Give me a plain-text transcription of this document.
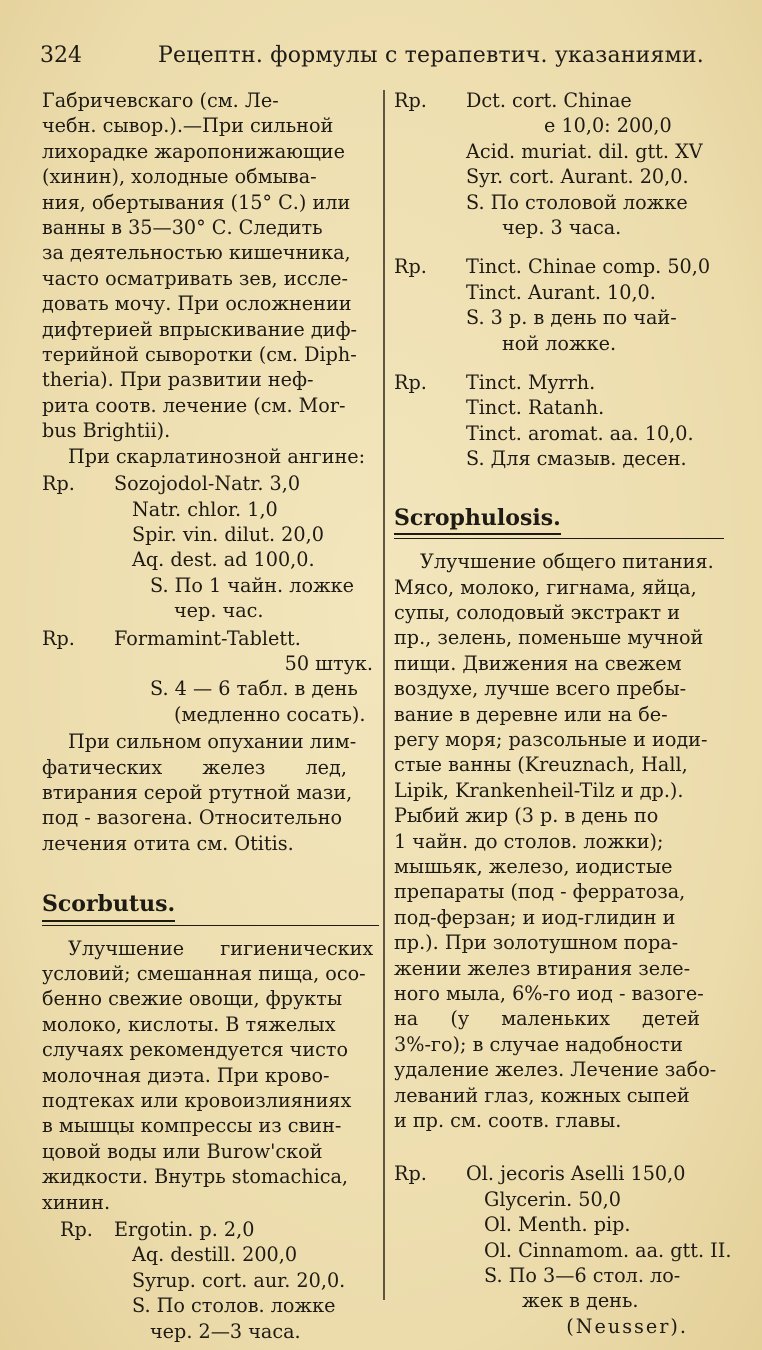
324	Рецептн. формулы с терапевтич. указаниями.
Габричевскаго (см. Ле-
чебн. сывор.).—При сильной
лихорадке жаропонижающие
(хинин), холодные обмыва-
ния, обертывания (15° С.) или
ванны в 35—30° С. Следить
за деятельностью кишечника,
часто осматривать зев, иссле-
довать мочу. При осложнении
дифтерией впрыскивание диф-
терийной сыворотки (см. Diph-
theria). При развитии неф-
рита соотв. лечение (см. Mor-
bus Brightii).
При скарлатинозной ангине:
Rp. Sozojodol-Natr. 3,0
Natr. chlor. 1,0
Spir. vin. dilut. 20,0
Aq. dest. ad 100,0.
S. По 1 чайн. ложке
чер. час.
Rp. Formamint-Tablett.
50 штук.
S. 4 — 6 табл. в день
(медленно сосать).
При сильном опухании лим-
фатических желез лед,
втирания серой ртутной мази,
под - вазогена. Относительно
лечения отита см. Otitis.
Scorbutus.
Улучшение гигиенических
условий; смешанная пища, осо-
бенно свежие овощи, фрукты
молоко, кислоты. В тяжелых
случаях рекомендуется чисто
молочная диэта. При крово-
подтеках или кровоизлияниях
в мышцы компрессы из свин-
цовой воды или Burow'ской
жидкости. Внутрь stomachica,
хинин.
Rp. Ergotin. p. 2,0
Aq. destill. 200,0
Syrup. cort. aur. 20,0.
S. По столов. ложке
чер. 2—3 часа.
Rp. Dct. cort. Chinae
e 10,0: 200,0
Acid. muriat. dil. gtt. XV
Syr. cort. Aurant. 20,0.
S. По столовой ложке
чер. 3 часа.
Rp. Tinct. Chinae comp. 50,0
Tinct. Aurant. 10,0.
S. 3 р. в день по чай-
ной ложке.
Rp. Tinct. Myrrh.
Tinct. Ratanh.
Tinct. aromat. aa. 10,0.
S. Для смазыв. десен.
Scrophulosis.
Улучшение общего питания.
Мясо, молоко, гигнама, яйца,
супы, солодовый экстракт и
пр., зелень, поменьше мучной
пищи. Движения на свежем
воздухе, лучше всего пребы-
вание в деревне или на бе-
регу моря; разсольные и иоди-
стые ванны (Kreuznach, Hall,
Lipik, Krankenheil-Tilz и др.).
Рыбий жир (3 р. в день по
1 чайн. до столов. ложки);
мышьяк, железо, иодистые
препараты (под - ферратоза,
под-ферзан; и иод-глидин и
пр.). При золотушном пора-
жении желез втирания зеле-
ного мыла, 6%-го иод - вазоге-
на (у маленьких детей
3%-го); в случае надобности
удаление желез. Лечение забо-
леваний глаз, кожных сыпей
и пр. см. соотв. главы.
Rp. Ol. jecoris Aselli 150,0
Glycerin. 50,0
Ol. Menth. pip.
Ol. Cinnamom. aa. gtt. II.
S. По 3—6 стол. ло-
жек в день.
(Neusser).
